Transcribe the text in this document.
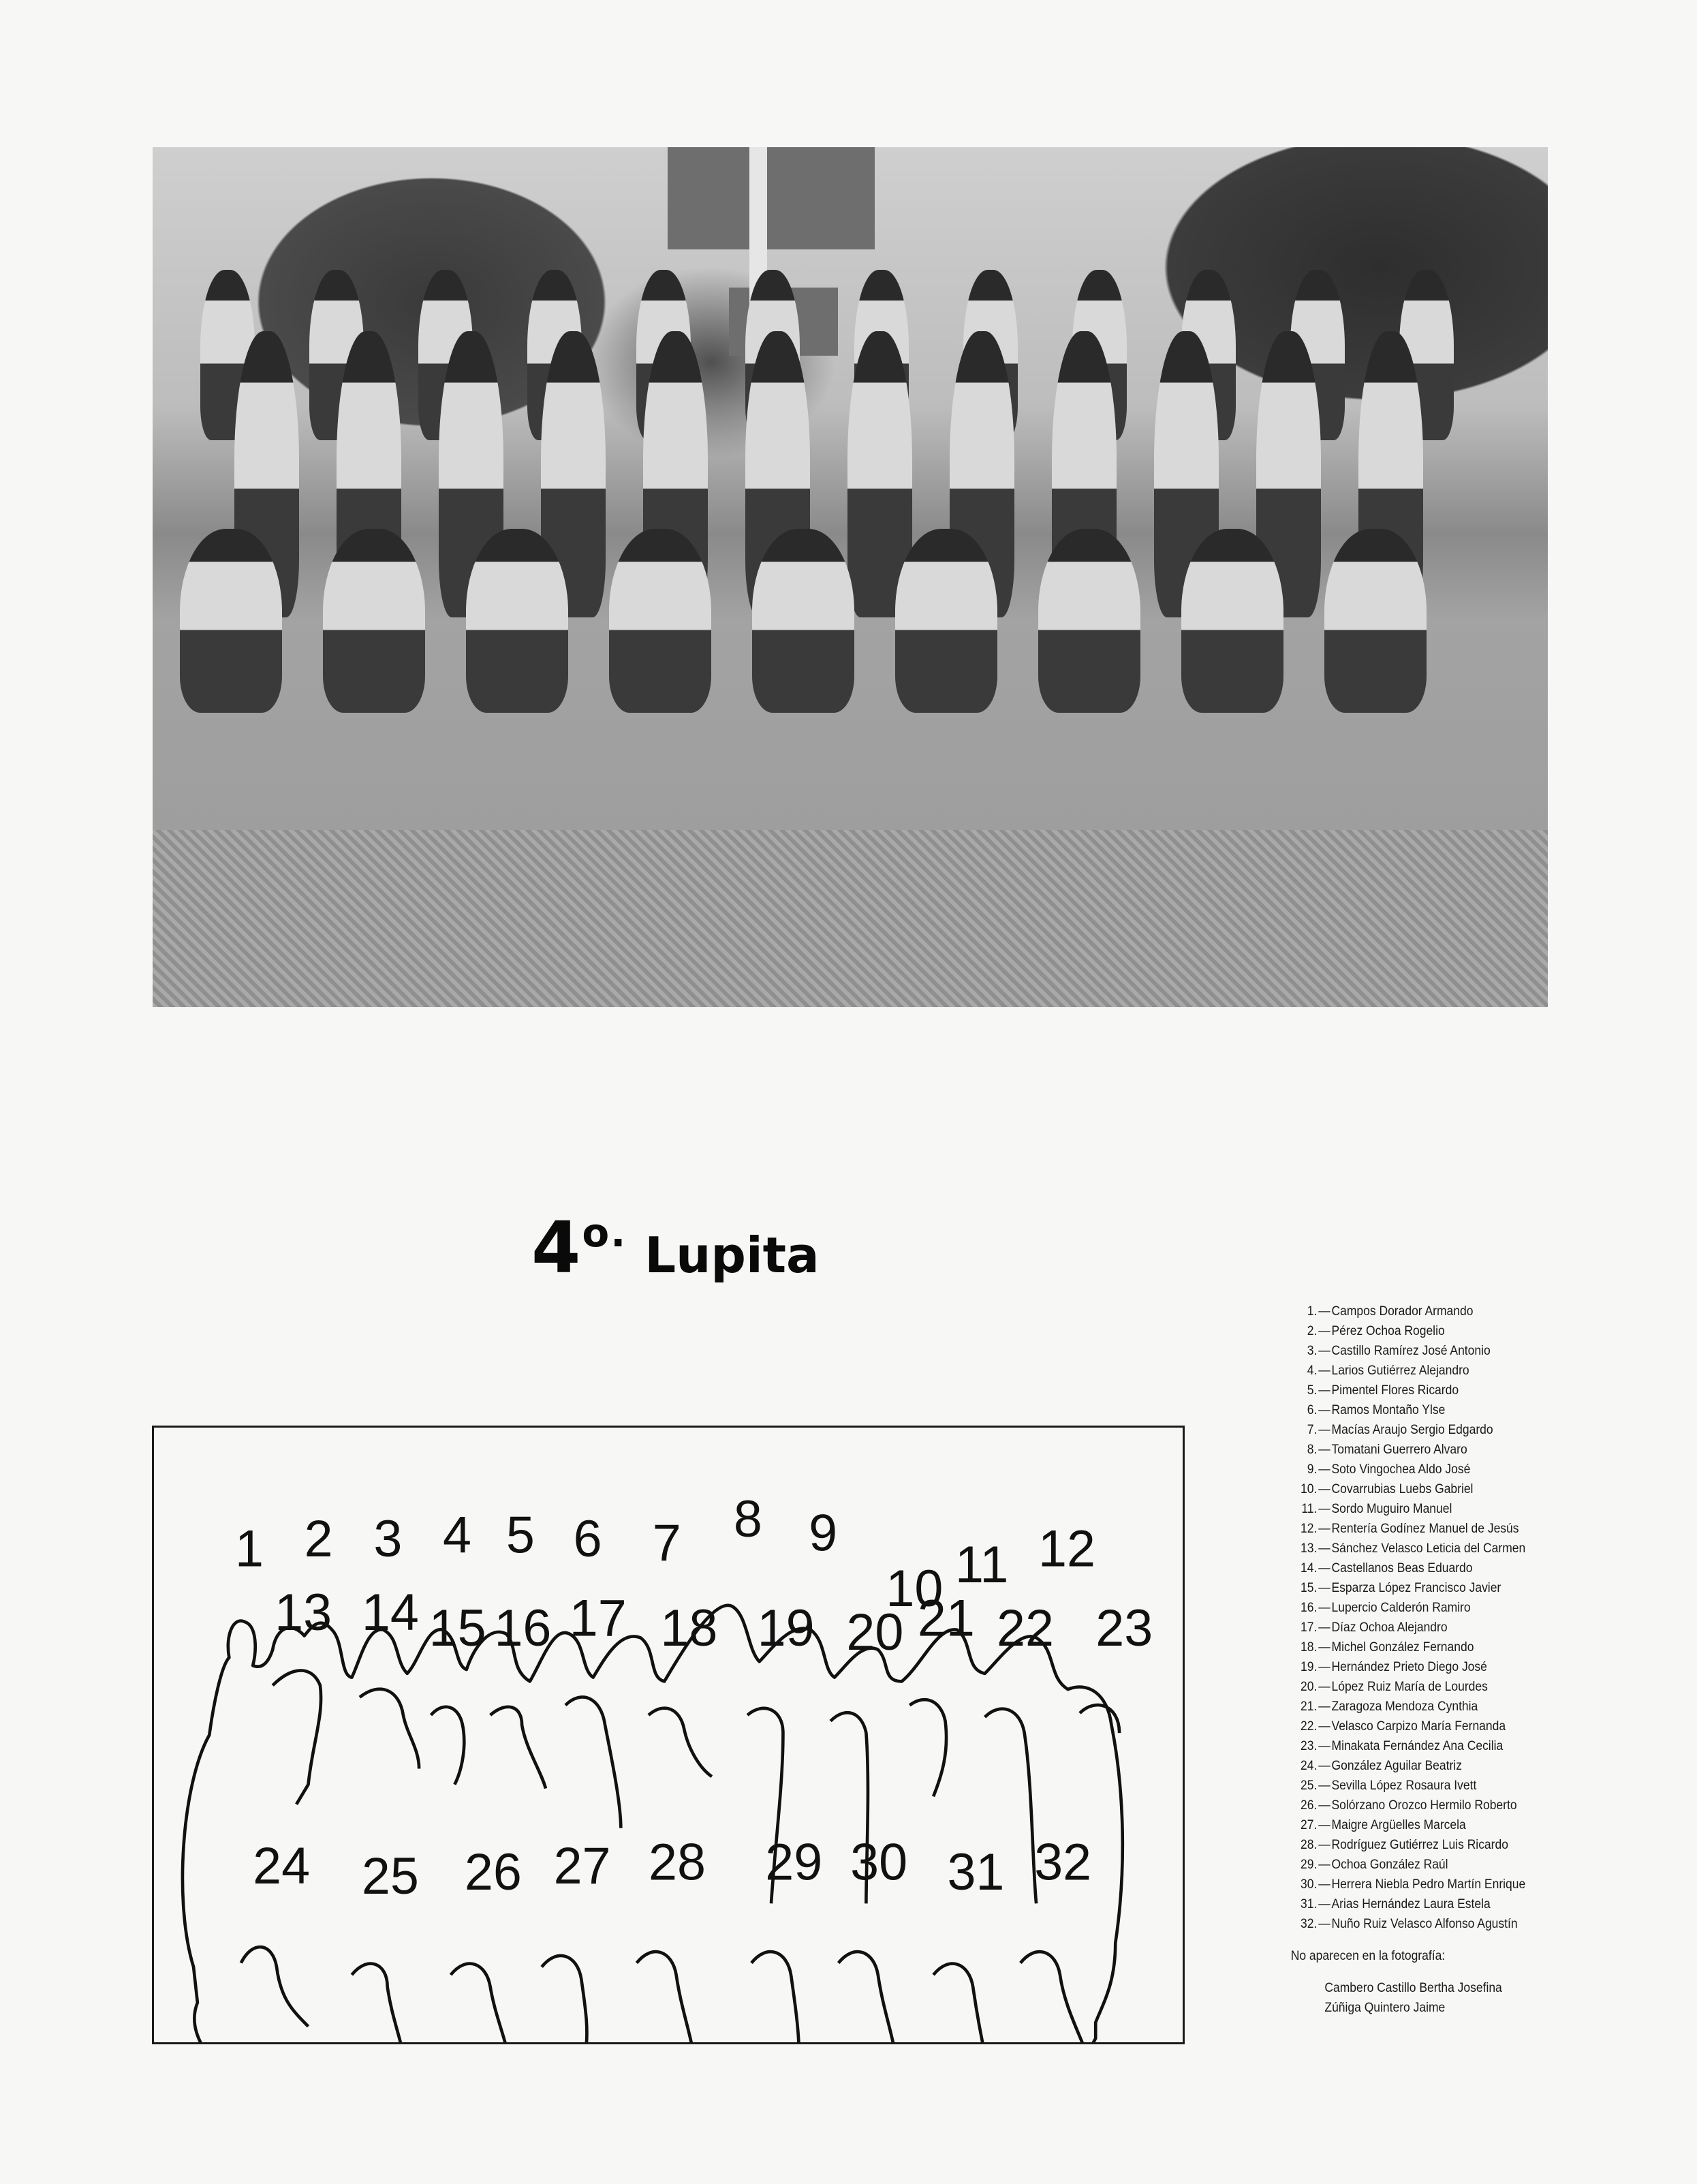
$4^{o.}$ Lupita
1 2 3 4 5 6	7	8	9
10 11 12
13 14 15 16 17 18 19 20 21 22 23
24	25	26 27 28	29 30 31 32
1. — Campos Dorador Armando
2. — Pérez Ochoa Rogelio
3. — Castillo Ramírez José Antonio
4. — Larios Gutiérrez Alejandro
5. — Pimentel Flores Ricardo
6. — Ramos Montaño Ylse
7. — Macías Araujo Sergio Edgardo
8. — Tomatani Guerrero Alvaro
9. — Soto Vingochea Aldo José
10. — Covarrubias Luebs Gabriel
11. — Sordo Muguiro Manuel
12. — Rentería Godínez Manuel de Jesús
13. — Sánchez Velasco Leticia del Carmen
14. — Castellanos Beas Eduardo
15. — Esparza López Francisco Javier
16. — Lupercio Calderón Ramiro
17. — Díaz Ochoa Alejandro
18. — Michel González Fernando
19. — Hernández Prieto Diego José
20. — López Ruiz María de Lourdes
21. — Zaragoza Mendoza Cynthia
22. — Velasco Carpizo María Fernanda
23. — Minakata Fernández Ana Cecilia
24. — González Aguilar Beatriz
25. — Sevilla López Rosaura Ivett
26. — Solórzano Orozco Hermilo Roberto
27. — Maigre Argüelles Marcela
28. — Rodríguez Gutiérrez Luis Ricardo
29. — Ochoa González Raúl
30. — Herrera Niebla Pedro Martín Enrique
31. — Arias Hernández Laura Estela
32. — Nuño Ruiz Velasco Alfonso Agustín
No aparecen en la fotografía:
Cambero Castillo Bertha Josefina
Zúñiga Quintero Jaime
